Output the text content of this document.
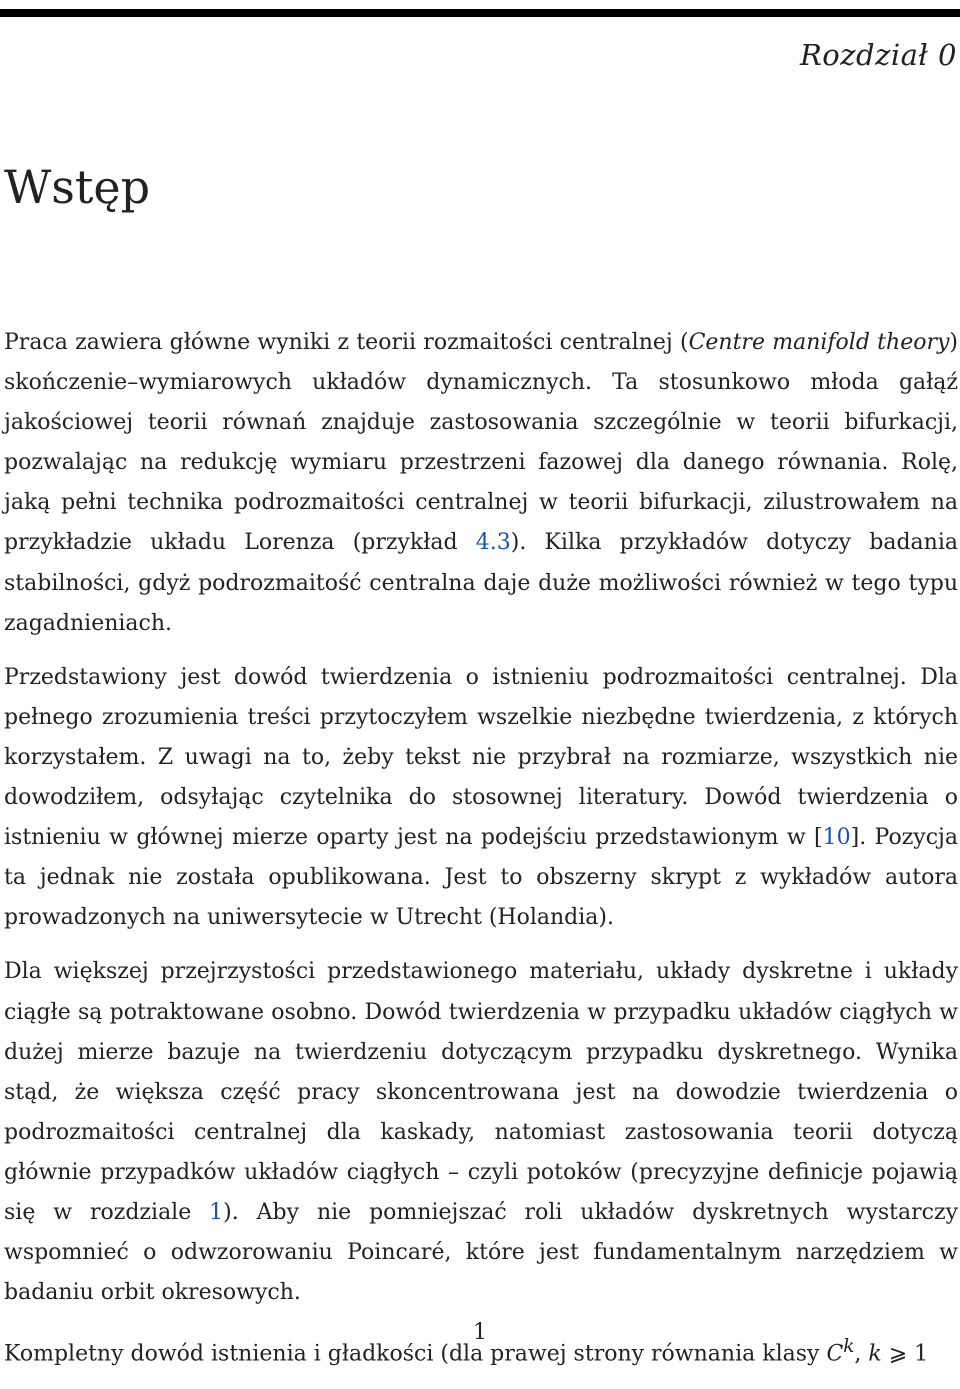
Rozdział 0
Wstęp

Praca zawiera główne wyniki z teorii rozmaitości centralnej (Centre manifold theory) skończenie–wymiarowych układów dynamicznych. Ta stosunkowo młoda gałąź jakościowej teorii równań znajduje zastosowania szczególnie w teorii bifurkacji, pozwalając na redukcję wymiaru przestrzeni fazowej dla danego równania. Rolę, jaką pełni technika podrozmaitości centralnej w teorii bifurkacji, zilustrowałem na przykładzie układu Lorenza (przykład 4.3). Kilka przykładów dotyczy badania stabilności, gdyż podrozmaitość centralna daje duże możliwości również w tego typu zagadnieniach.

Przedstawiony jest dowód twierdzenia o istnieniu podrozmaitości centralnej. Dla pełnego zrozumienia treści przytoczyłem wszelkie niezbędne twierdzenia, z których korzystałem. Z uwagi na to, żeby tekst nie przybrał na rozmiarze, wszystkich nie dowodziłem, odsyłając czytelnika do stosownej literatury. Dowód twierdzenia o istnieniu w głównej mierze oparty jest na podejściu przedstawionym w [10]. Pozycja ta jednak nie została opublikowana. Jest to obszerny skrypt z wykładów autora prowadzonych na uniwersytecie w Utrecht (Holandia).

Dla większej przejrzystości przedstawionego materiału, układy dyskretne i układy ciągłe są potraktowane osobno. Dowód twierdzenia w przypadku układów ciągłych w dużej mierze bazuje na twierdzeniu dotyczącym przypadku dyskretnego. Wynika stąd, że większa część pracy skoncentrowana jest na dowodzie twierdzenia o podrozmaitości centralnej dla kaskady, natomiast zastosowania teorii dotyczą głównie przypadków układów ciągłych – czyli potoków (precyzyjne definicje pojawią się w rozdziale 1). Aby nie pomniejszać roli układów dyskretnych wystarczy wspomnieć o odwzorowaniu Poincaré, które jest fundamentalnym narzędziem w badaniu orbit okresowych.

Kompletny dowód istnienia i gładkości (dla prawej strony równania klasy $C^k$, k ⩾ 1

1
